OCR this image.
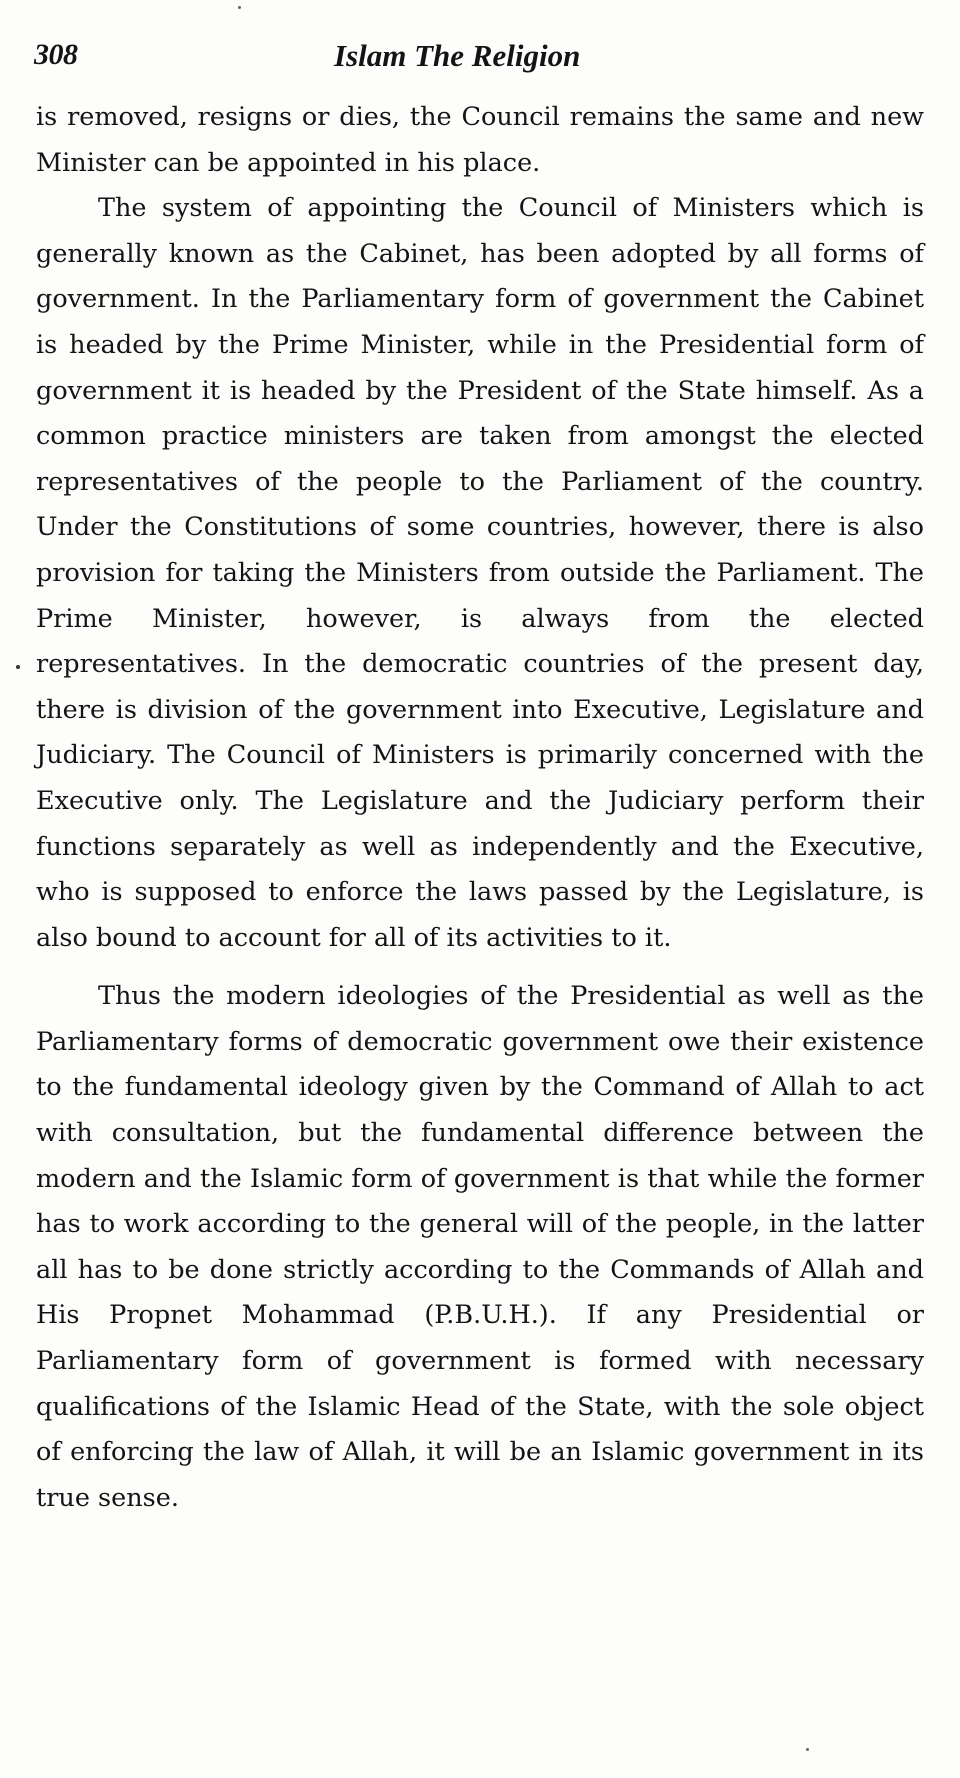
308	Islam The Religion

is removed, resigns or dies, the Council remains the same and new Minister can be appointed in his place.

The system of appointing the Council of Ministers which is generally known as the Cabinet, has been adopted by all forms of government. In the Parliamentary form of government the Cabinet is headed by the Prime Minister, while in the Presidential form of government it is headed by the President of the State himself. As a common practice ministers are taken from amongst the elected representatives of the people to the Parliament of the country. Under the Constitutions of some countries, however, there is also provision for taking the Ministers from outside the Parliament. The Prime Minister, however, is always from the elected representatives. In the democratic countries of the present day, there is division of the government into Executive, Legislature and Judiciary. The Council of Ministers is primarily concerned with the Executive only. The Legislature and the Judiciary perform their functions separately as well as independently and the Executive, who is supposed to enforce the laws passed by the Legislature, is also bound to account for all of its activities to it.

Thus the modern ideologies of the Presidential as well as the Parliamentary forms of democratic government owe their existence to the fundamental ideology given by the Command of Allah to act with consultation, but the fundamental difference between the modern and the Islamic form of government is that while the former has to work according to the general will of the people, in the latter all has to be done strictly according to the Commands of Allah and His Propnet Mohammad (P.B.U.H.). If any Presidential or Parliamentary form of government is formed with necessary qualifications of the Islamic Head of the State, with the sole object of enforcing the law of Allah, it will be an Islamic government in its true sense.
